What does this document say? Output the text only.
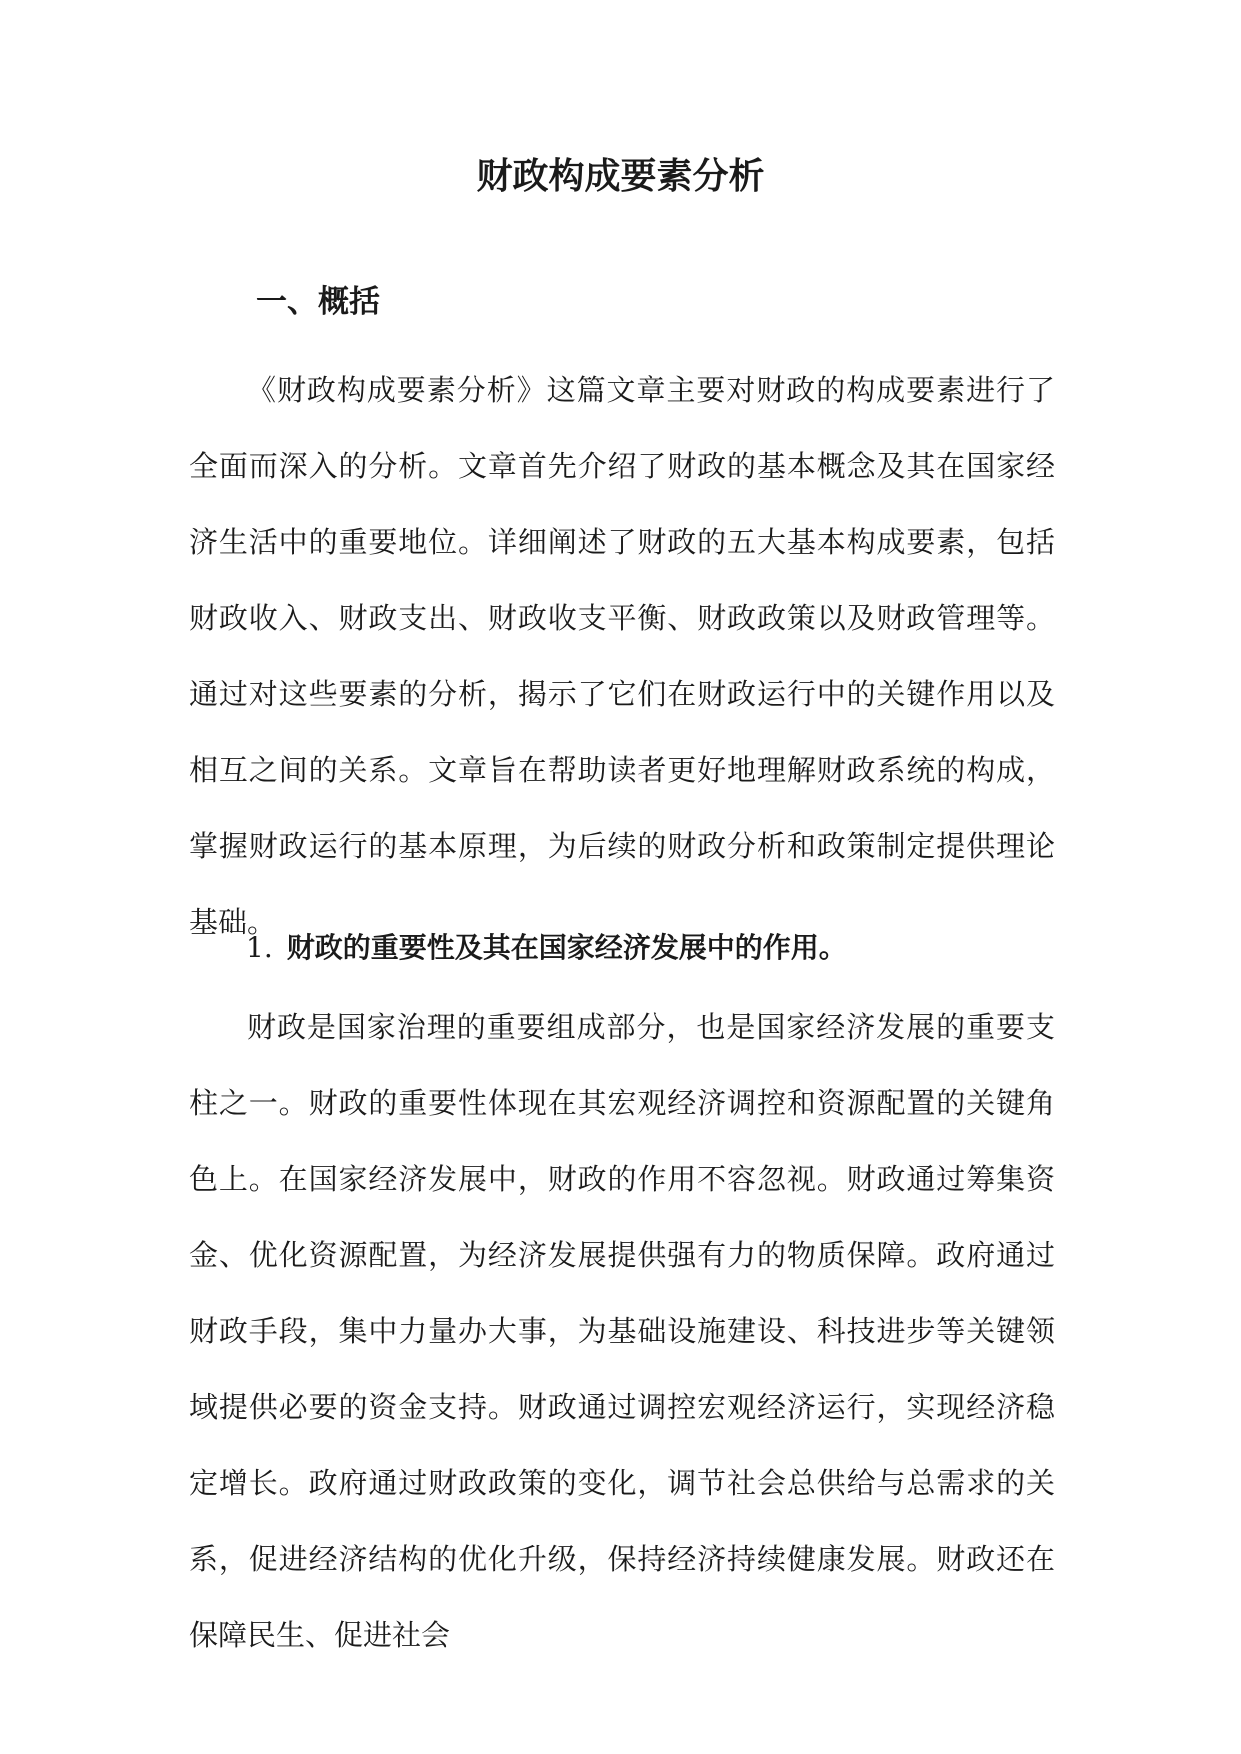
财政构成要素分析
一、概括

《财政构成要素分析》这篇文章主要对财政的构成要素进行了全面而深入的分析。文章首先介绍了财政的基本概念及其在国家经济生活中的重要地位。详细阐述了财政的五大基本构成要素，包括财政收入、财政支出、财政收支平衡、财政政策以及财政管理等。通过对这些要素的分析，揭示了它们在财政运行中的关键作用以及相互之间的关系。文章旨在帮助读者更好地理解财政系统的构成，掌握财政运行的基本原理，为后续的财政分析和政策制定提供理论基础。

1. 财政的重要性及其在国家经济发展中的作用。

财政是国家治理的重要组成部分，也是国家经济发展的重要支柱之一。财政的重要性体现在其宏观经济调控和资源配置的关键角色上。在国家经济发展中，财政的作用不容忽视。财政通过筹集资金、优化资源配置，为经济发展提供强有力的物质保障。政府通过财政手段，集中力量办大事，为基础设施建设、科技进步等关键领域提供必要的资金支持。财政通过调控宏观经济运行，实现经济稳定增长。政府通过财政政策的变化，调节社会总供给与总需求的关系，促进经济结构的优化升级，保持经济持续健康发展。财政还在保障民生、促进社会
